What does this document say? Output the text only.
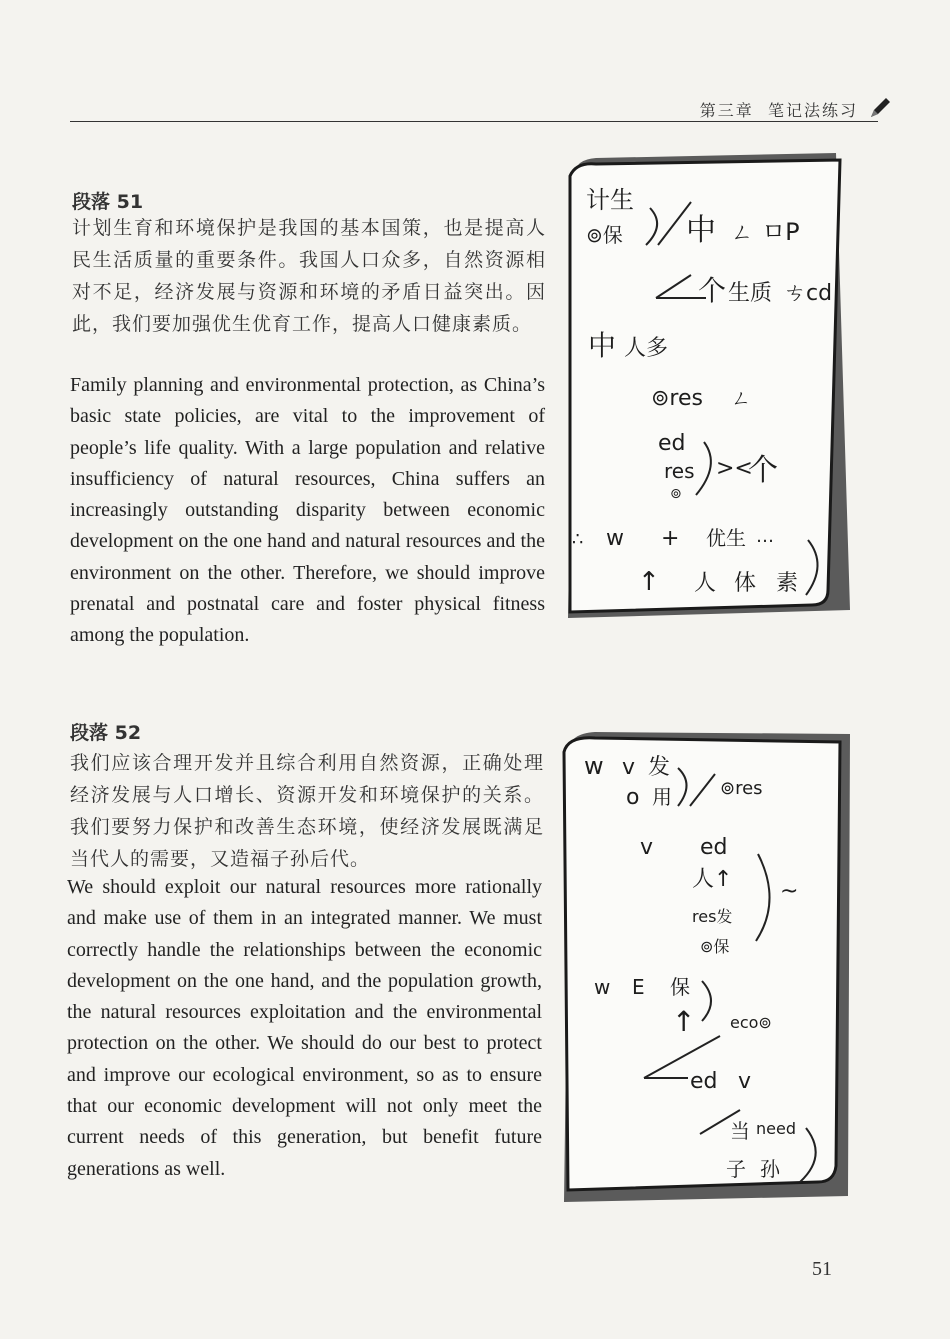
第三章 笔记法练习
段落 51
计划生育和环境保护是我国的基本国策，也是提高人民生活质量的重要条件。我国人口众多，自然资源相对不足，经济发展与资源和环境的矛盾日益突出。因此，我们要加强优生优育工作，提高人口健康素质。
Family planning and environmental protection, as China’s basic state policies, are vital to the improvement of people’s life quality. With a large population and relative insufficiency of natural resources, China suffers an increasingly outstanding disparity between economic development on the one hand and natural resources and the environment on the other. Therefore, we should improve prenatal and postnatal care and foster physical fitness among the population.
计生
⊚保 中 ㄥ ㅁP
个 生质 ㄘcd
中 人多
⊚res ㄥ
ed
res
⊚
><
个
∴ w + 优生 …
↑ 人 体 素
段落 52
我们应该合理开发并且综合利用自然资源，正确处理经济发展与人口增长、资源开发和环境保护的关系。我们要努力保护和改善生态环境，使经济发展既满足当代人的需要，又造福子孙后代。
We should exploit our natural resources more rationally and make use of them in an integrated manner. We must correctly handle the relationships between the economic development on the one hand, and the population growth, the natural resources exploitation and the environmental protection on the other. We should do our best to protect and improve our ecological environment, so as to ensure that our economic development will not only meet the current needs of this generation, but benefit future generations as well.
w v 发
o 用	⊚res
v ed
人↑
res发
⊚保
~
w E 保
↑ eco⊚
ed v
当 need
子 孙
51
